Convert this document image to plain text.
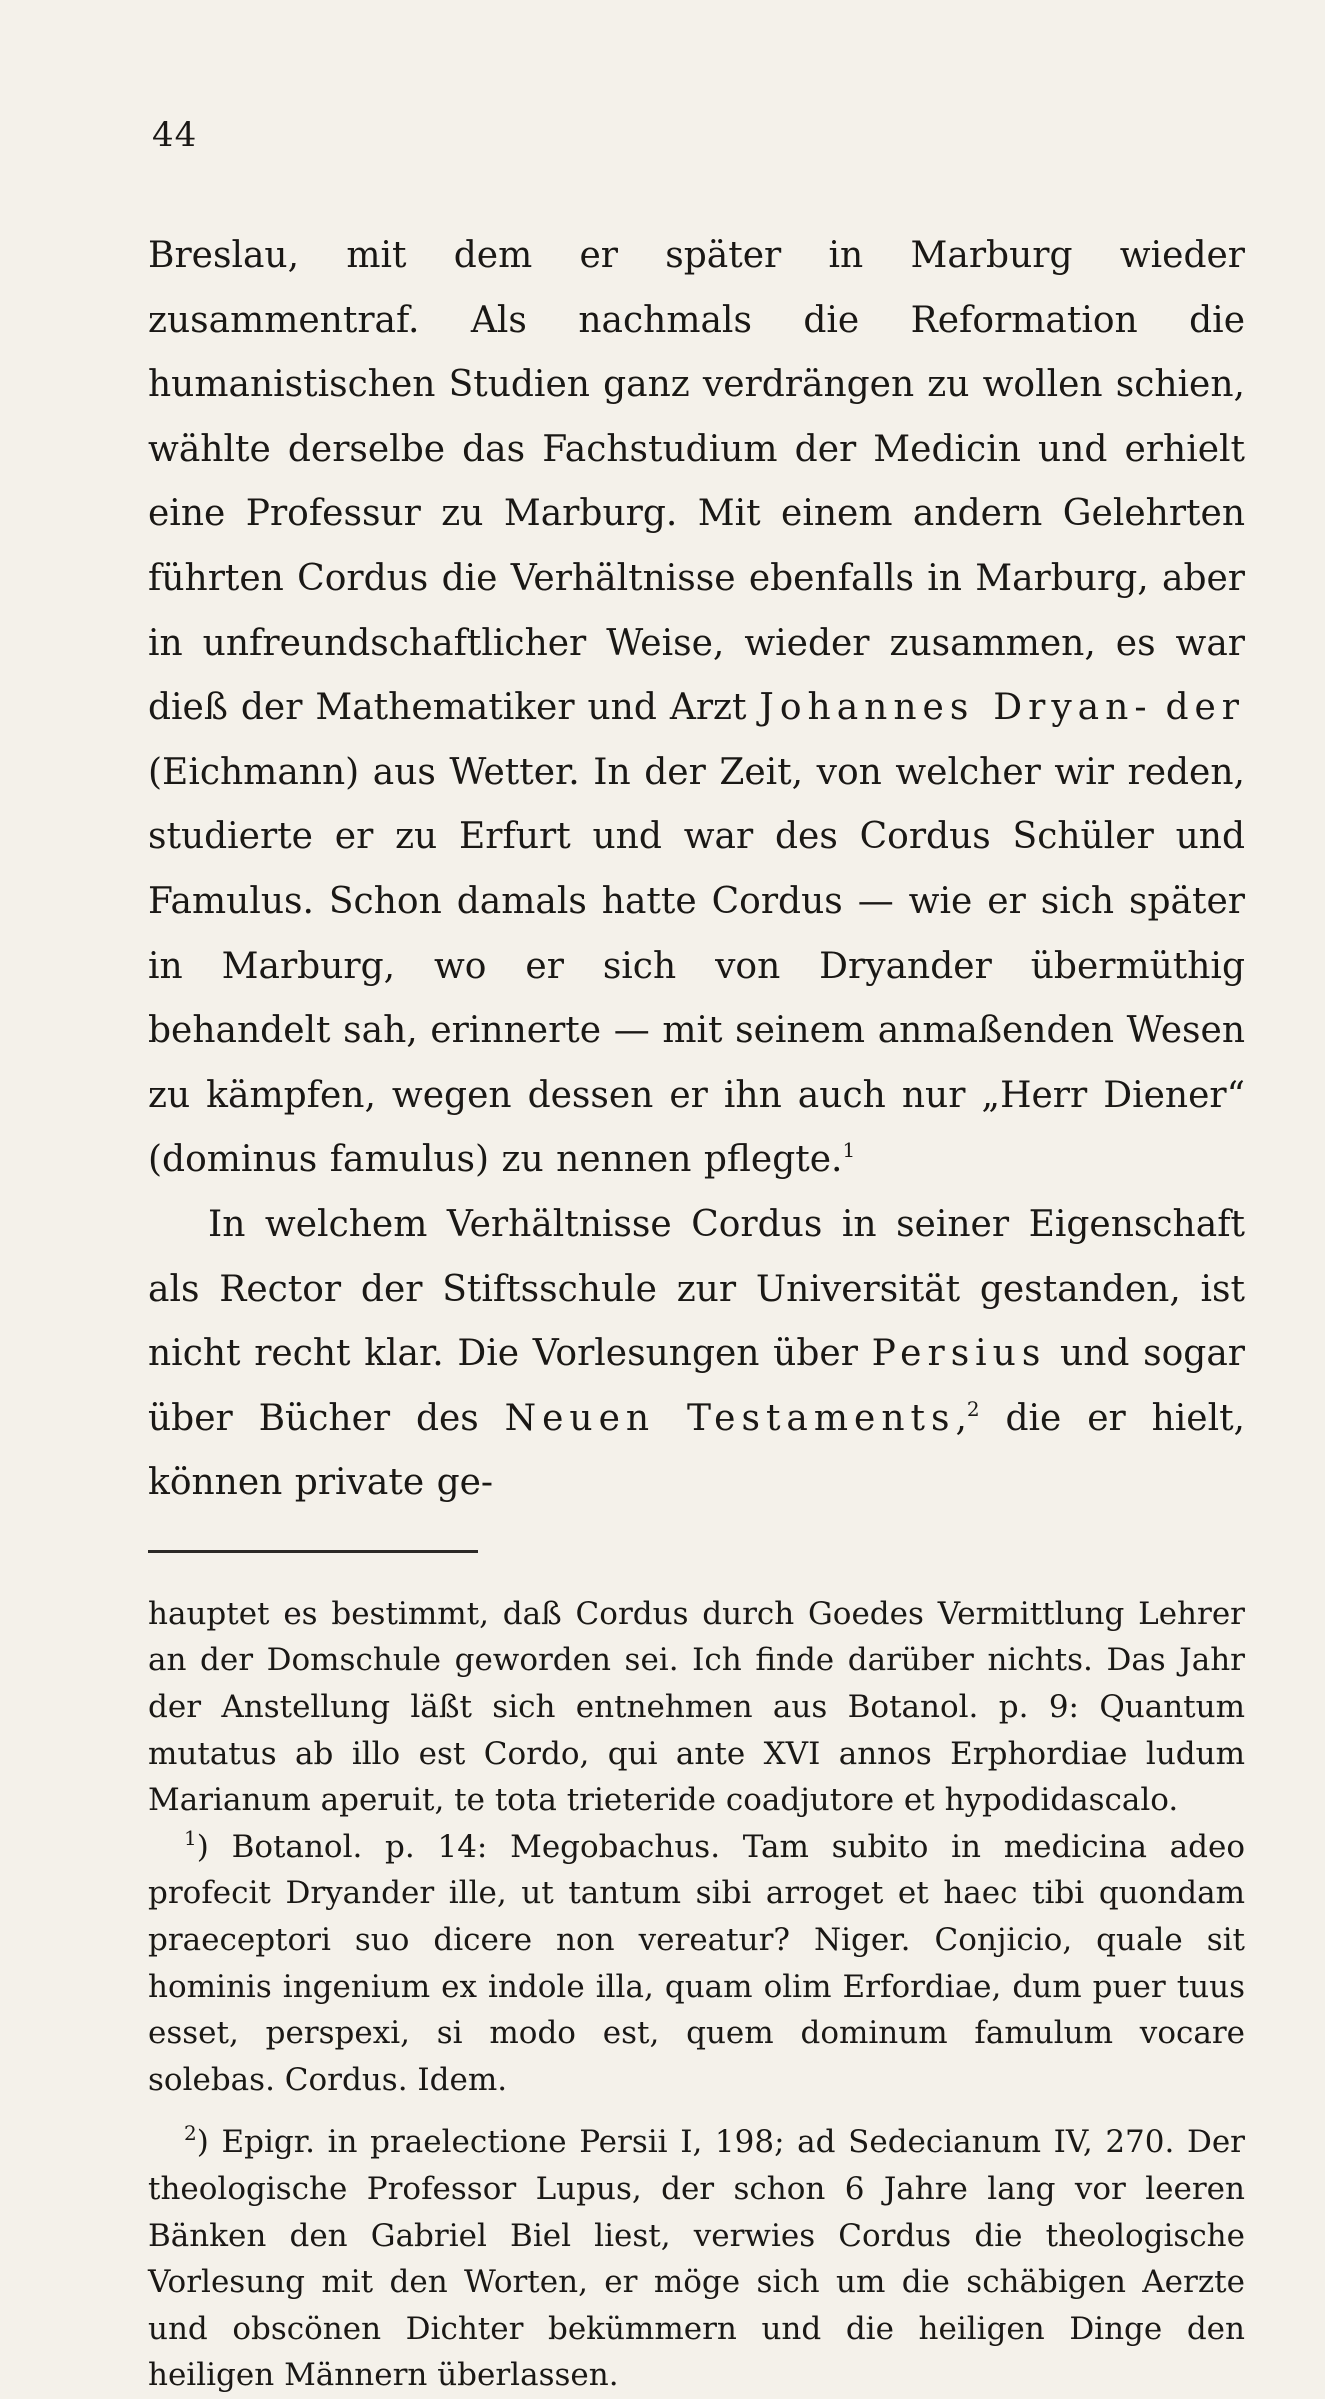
44

Breslau, mit dem er später in Marburg wieder zusammentraf. Als nachmals die Reformation die humanistischen Studien ganz verdrängen zu wollen schien, wählte derselbe das Fachstudium der Medicin und erhielt eine Professur zu Marburg. Mit einem andern Gelehrten führten Cordus die Verhältnisse ebenfalls in Marburg, aber in unfreundschaftlicher Weise, wieder zusammen, es war dieß der Mathematiker und Arzt Johannes Dryan- der (Eichmann) aus Wetter. In der Zeit, von welcher wir reden, studierte er zu Erfurt und war des Cordus Schüler und Famulus. Schon damals hatte Cordus — wie er sich später in Marburg, wo er sich von Dryander übermüthig behandelt sah, erinnerte — mit seinem anmaßenden Wesen zu kämpfen, wegen dessen er ihn auch nur „Herr Diener“ (dominus famulus) zu nennen pflegte.$^1$

In welchem Verhältnisse Cordus in seiner Eigenschaft als Rector der Stiftsschule zur Universität gestanden, ist nicht recht klar. Die Vorlesungen über Persius und sogar über Bücher des Neuen Testaments,$^2$ die er hielt, können private ge-

hauptet es bestimmt, daß Cordus durch Goedes Vermittlung Lehrer an der Domschule geworden sei. Ich finde darüber nichts. Das Jahr der Anstellung läßt sich entnehmen aus Botanol. p. 9: Quantum mutatus ab illo est Cordo, qui ante XVI annos Erphordiae ludum Marianum aperuit, te tota trieteride coadjutore et hypodidascalo.

$^1$) Botanol. p. 14: Megobachus. Tam subito in medicina adeo profecit Dryander ille, ut tantum sibi arroget et haec tibi quondam praeceptori suo dicere non vereatur? Niger. Conjicio, quale sit hominis ingenium ex indole illa, quam olim Erfordiae, dum puer tuus esset, perspexi, si modo est, quem dominum famulum vocare solebas. Cordus. Idem.

$^2$) Epigr. in praelectione Persii I, 198; ad Sedecianum IV, 270. Der theologische Professor Lupus, der schon 6 Jahre lang vor leeren Bänken den Gabriel Biel liest, verwies Cordus die theologische Vorlesung mit den Worten, er möge sich um die schäbigen Aerzte und obscönen Dichter bekümmern und die heiligen Dinge den heiligen Männern überlassen.
